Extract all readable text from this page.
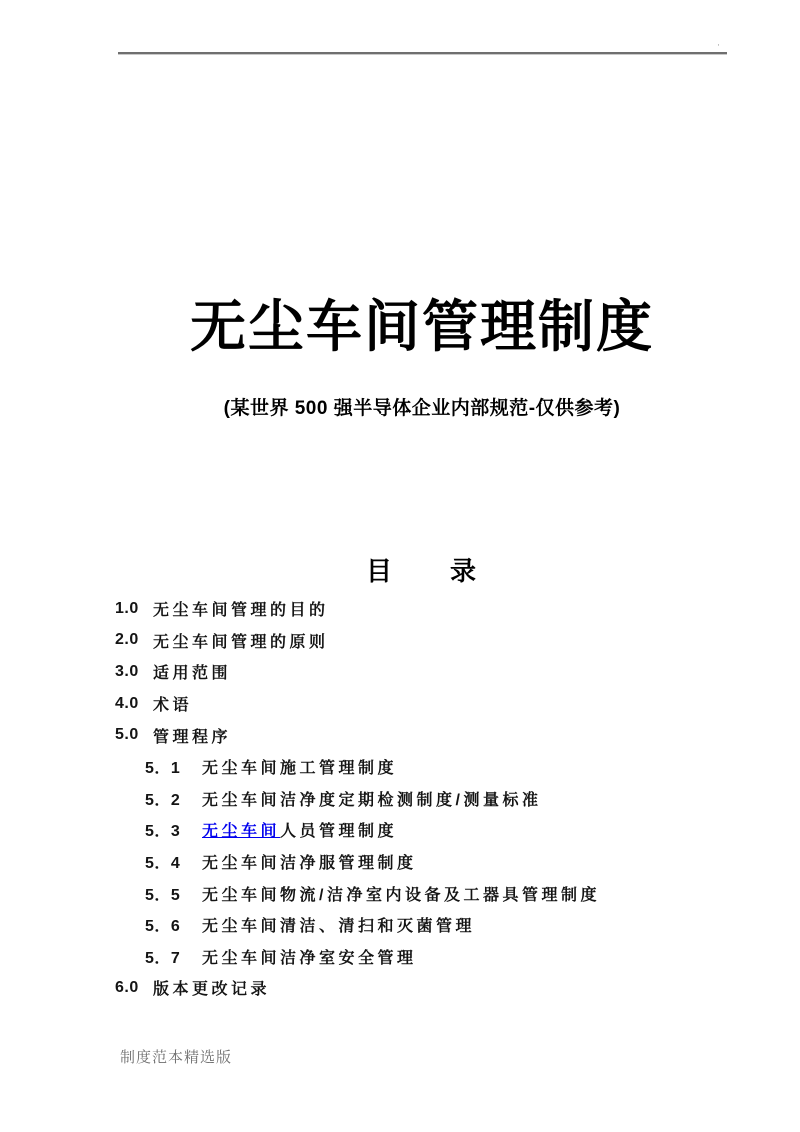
·
无尘车间管理制度
(某世界 500 强半导体企业内部规范-仅供参考)
目　　录
1.0 无尘车间管理的目的
2.0 无尘车间管理的原则
3.0 适用范围
4.0 术语
5.0 管理程序
5．1	无尘车间施工管理制度
5．2	无尘车间洁净度定期检测制度/测量标准
5．3	无尘车间人员管理制度
5．4	无尘车间洁净服管理制度
5．5	无尘车间物流/洁净室内设备及工器具管理制度
5．6	无尘车间清洁、清扫和灭菌管理
5．7	无尘车间洁净室安全管理
6.0 版本更改记录
制度范本精选版
